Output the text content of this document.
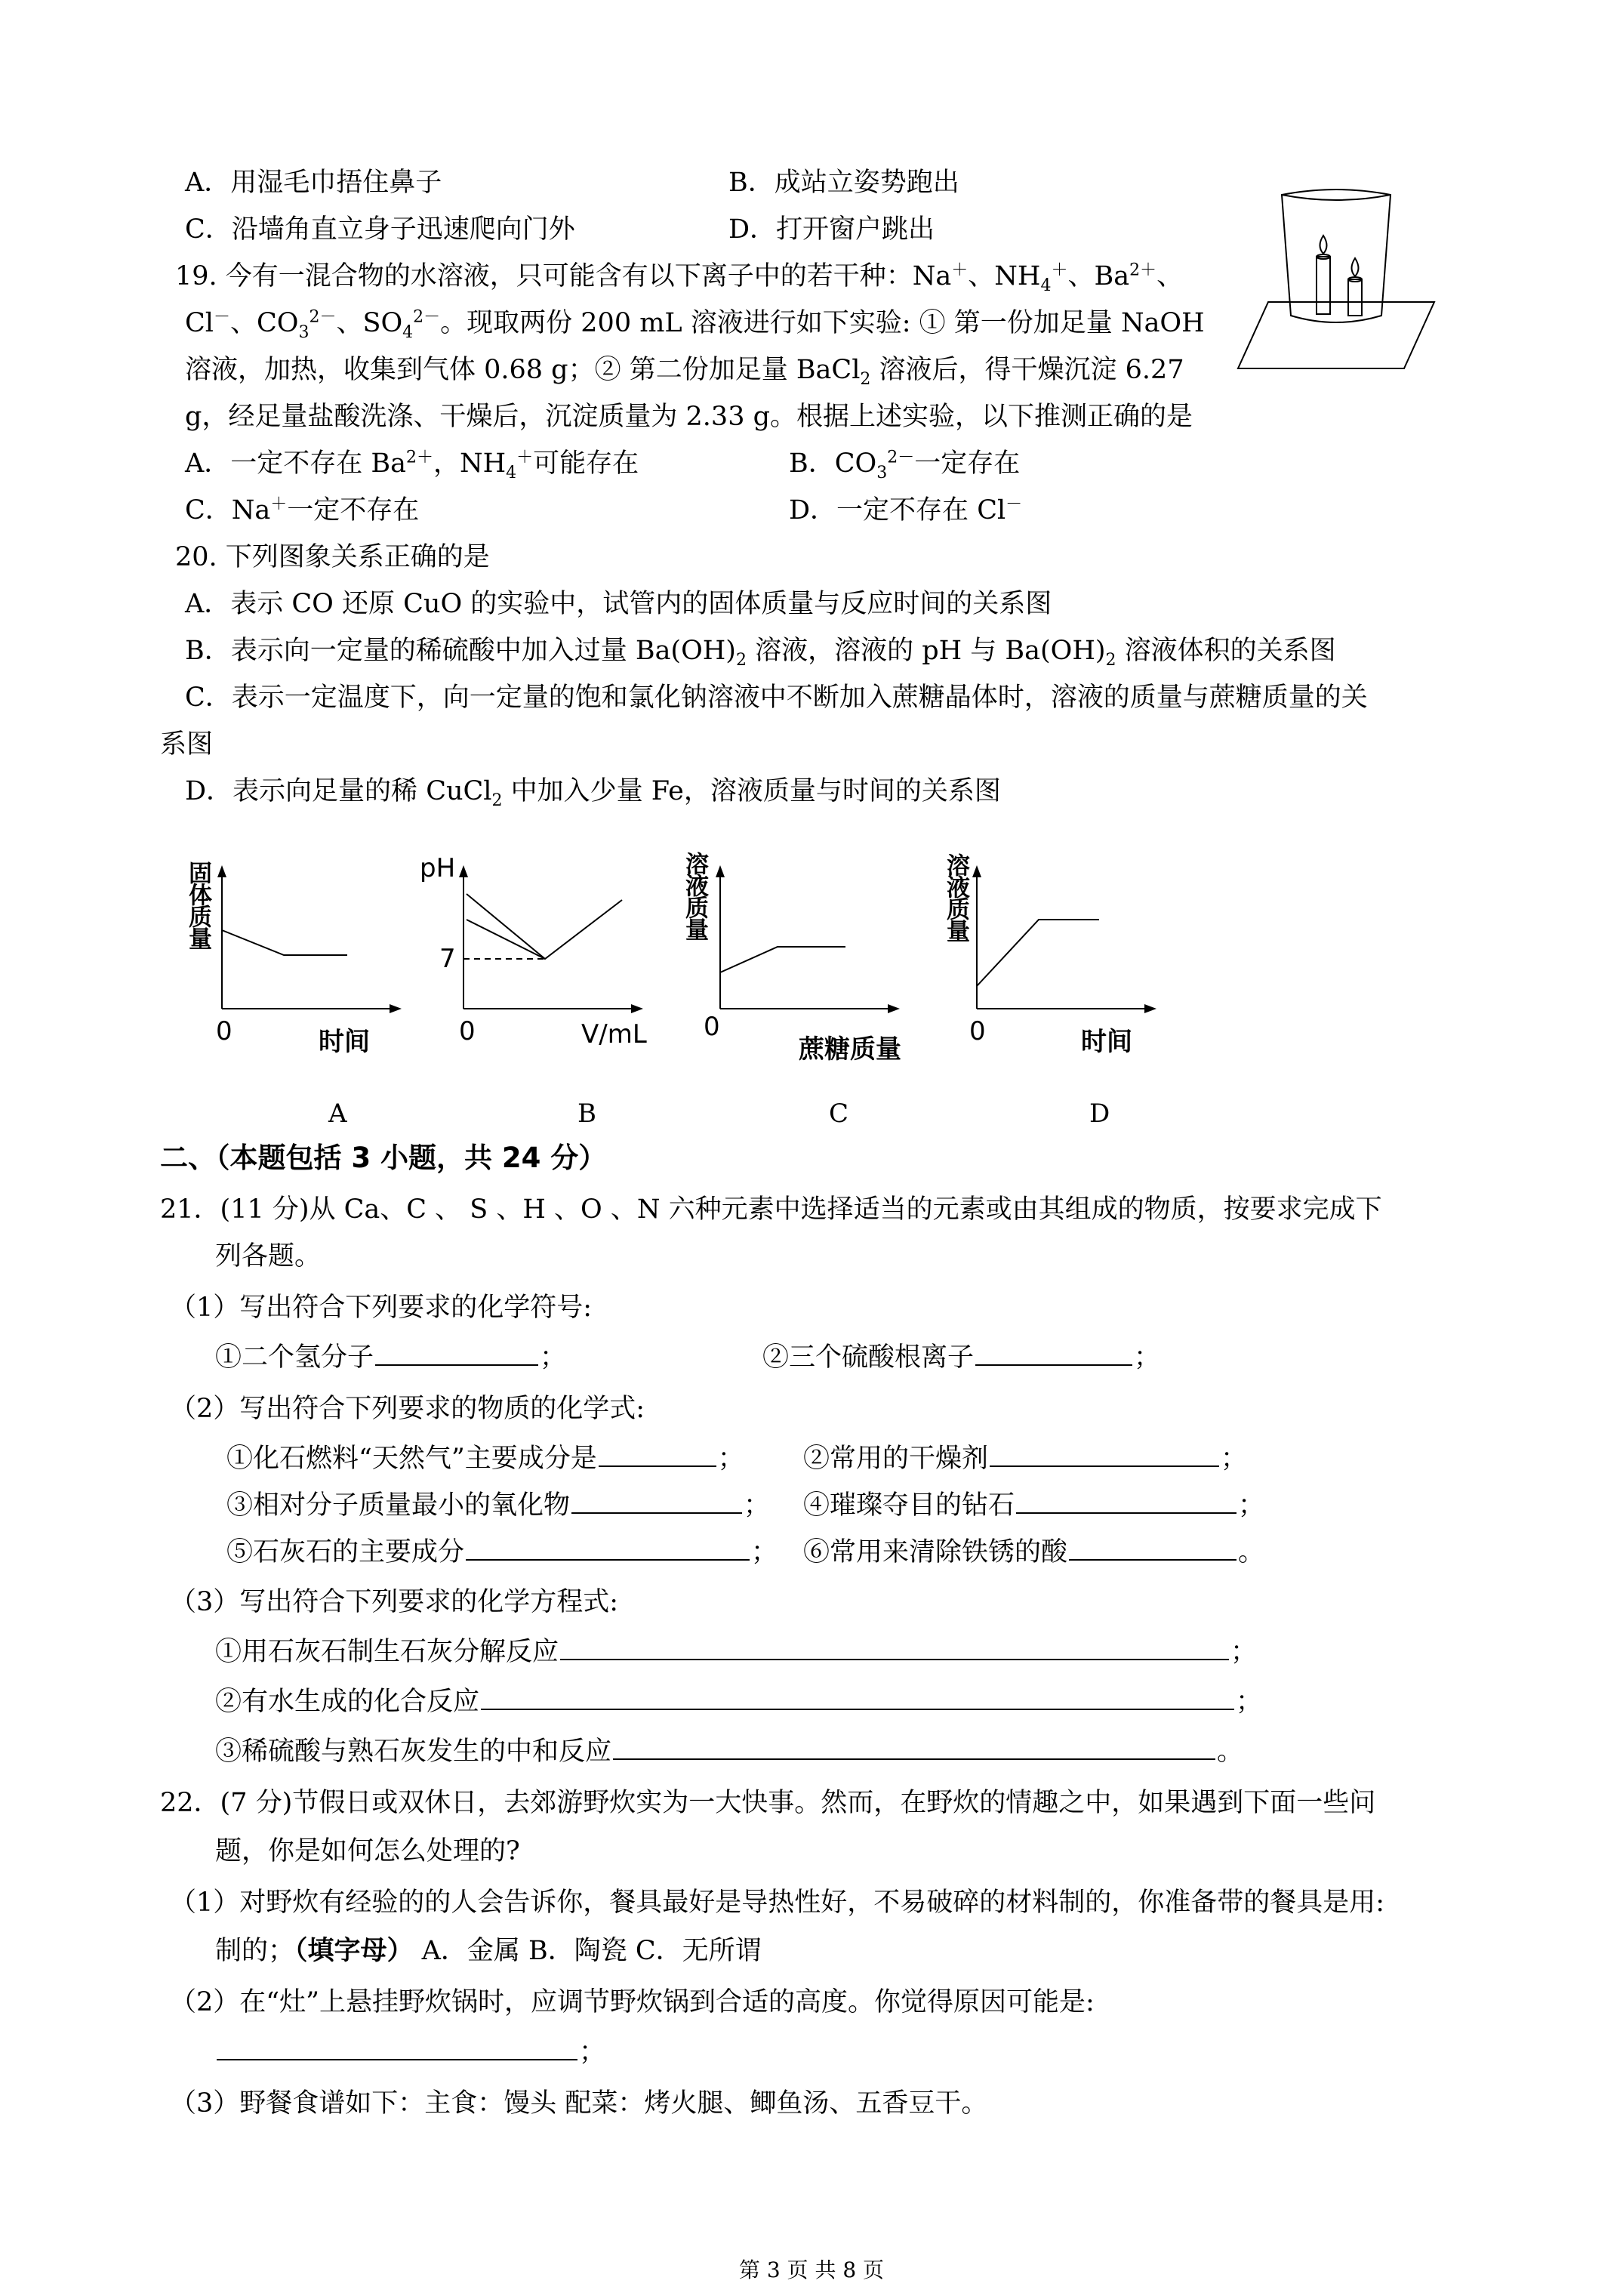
A．用湿毛巾捂住鼻子	B．成站立姿势跑出
C．沿墙角直立身子迅速爬向门外	D．打开窗户跳出
19. 今有一混合物的水溶液，只可能含有以下离子中的若干种：Na＋、$NH_4^+$、$Ba^{2+}$、
Cl－、$CO_3^{2-}$、$SO_4^{2-}$。现取两份 200 mL 溶液进行如下实验: ① 第一份加足量 NaOH
溶液，加热，收集到气体 0.68 g；② 第二份加足量 BaCl$_2$ 溶液后，得干燥沉淀 6.27
g，经足量盐酸洗涤、干燥后，沉淀质量为 2.33 g。根据上述实验，以下推测正确的是
A．一定不存在 $Ba^{2+}$，$NH_4^+$可能存在	B．$CO_3^{2-}$一定存在
C．Na＋一定不存在	D．一定不存在 Cl－
20. 下列图象关系正确的是
A．表示 CO 还原 CuO 的实验中，试管内的固体质量与反应时间的关系图
B．表示向一定量的稀硫酸中加入过量 $Ba(OH)_2$ 溶液，溶液的 pH 与 $Ba(OH)_2$ 溶液体积的关系图
C．表示一定温度下，向一定量的饱和氯化钠溶液中不断加入蔗糖晶体时，溶液的质量与蔗糖质量的关
系图
D．表示向足量的稀 CuCl$_2$ 中加入少量 Fe，溶液质量与时间的关系图
固体质量
0	时间
A
pH
7
0	V/mL
B
溶液质量
0
蔗糖质量
C
溶液质量
0	时间
D
二、（本题包括 3 小题，共 24 分）
21．(11 分)从 Ca、C 、 S 、H 、O 、N 六种元素中选择适当的元素或由其组成的物质，按要求完成下
列各题。
（1）写出符合下列要求的化学符号:
①二个氢分子	；	②三个硫酸根离子	；
（2）写出符合下列要求的物质的化学式:
①化石燃料“天然气”主要成分是	； ②常用的干燥剂	；
③相对分子质量最小的氧化物	； ④璀璨夺目的钻石	；
⑤石灰石的主要成分	； ⑥常用来清除铁锈的酸	。
（3）写出符合下列要求的化学方程式:
①用石灰石制生石灰分解反应	；
②有水生成的化合反应	；
③稀硫酸与熟石灰发生的中和反应	。
22．(7 分)节假日或双休日，去郊游野炊实为一大快事。然而，在野炊的情趣之中，如果遇到下面一些问
题，你是如何怎么处理的?
（1）对野炊有经验的的人会告诉你，餐具最好是导热性好，不易破碎的材料制的，你准备带的餐具是用:
制的；（填字母） A．金属 B．陶瓷 C．无所谓
（2）在“灶”上悬挂野炊锅时，应调节野炊锅到合适的高度。你觉得原因可能是:
；
（3）野餐食谱如下：主食：馒头 配菜：烤火腿、鲫鱼汤、五香豆干。
第 3 页 共 8 页
